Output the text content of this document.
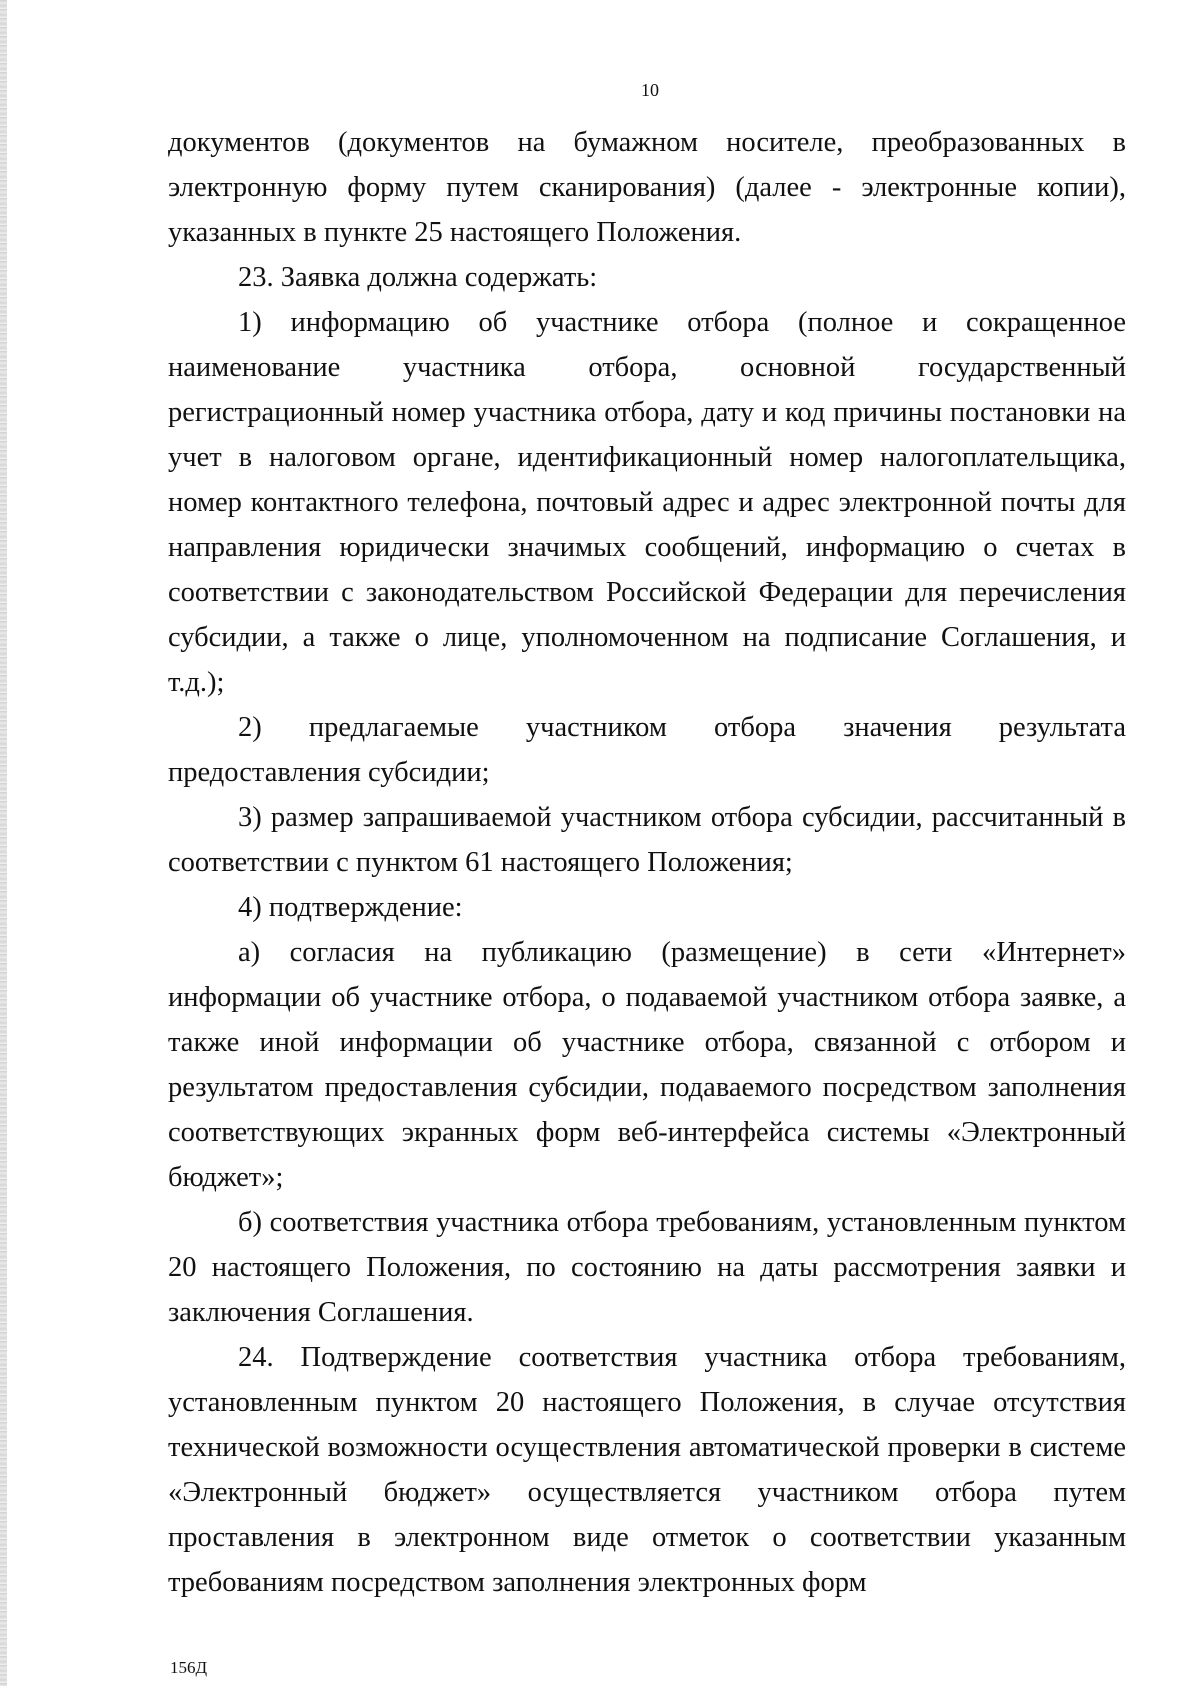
10

документов (документов на бумажном носителе, преобразованных в электронную форму путем сканирования) (далее - электронные копии), указанных в пункте 25 настоящего Положения.

23. Заявка должна содержать:

1) информацию об участнике отбора (полное и сокращенное наименование участника отбора, основной государственный регистрационный номер участника отбора, дату и код причины постановки на учет в налоговом органе, идентификационный номер налогоплательщика, номер контактного телефона, почтовый адрес и адрес электронной почты для направления юридически значимых сообщений, информацию о счетах в соответствии с законодательством Российской Федерации для перечисления субсидии, а также о лице, уполномоченном на подписание Соглашения, и т.д.);

2) предлагаемые участником отбора значения результата предоставления субсидии;

3) размер запрашиваемой участником отбора субсидии, рассчитанный в соответствии с пунктом 61 настоящего Положения;

4) подтверждение:

а) согласия на публикацию (размещение) в сети «Интернет» информации об участнике отбора, о подаваемой участником отбора заявке, а также иной информации об участнике отбора, связанной с отбором и результатом предоставления субсидии, подаваемого посредством заполнения соответствующих экранных форм веб-интерфейса системы «Электронный бюджет»;

б) соответствия участника отбора требованиям, установленным пунктом 20 настоящего Положения, по состоянию на даты рассмотрения заявки и заключения Соглашения.

24. Подтверждение соответствия участника отбора требованиям, установленным пунктом 20 настоящего Положения, в случае отсутствия технической возможности осуществления автоматической проверки в системе «Электронный бюджет» осуществляется участником отбора путем проставления в электронном виде отметок о соответствии указанным требованиям посредством заполнения электронных форм

156Д
